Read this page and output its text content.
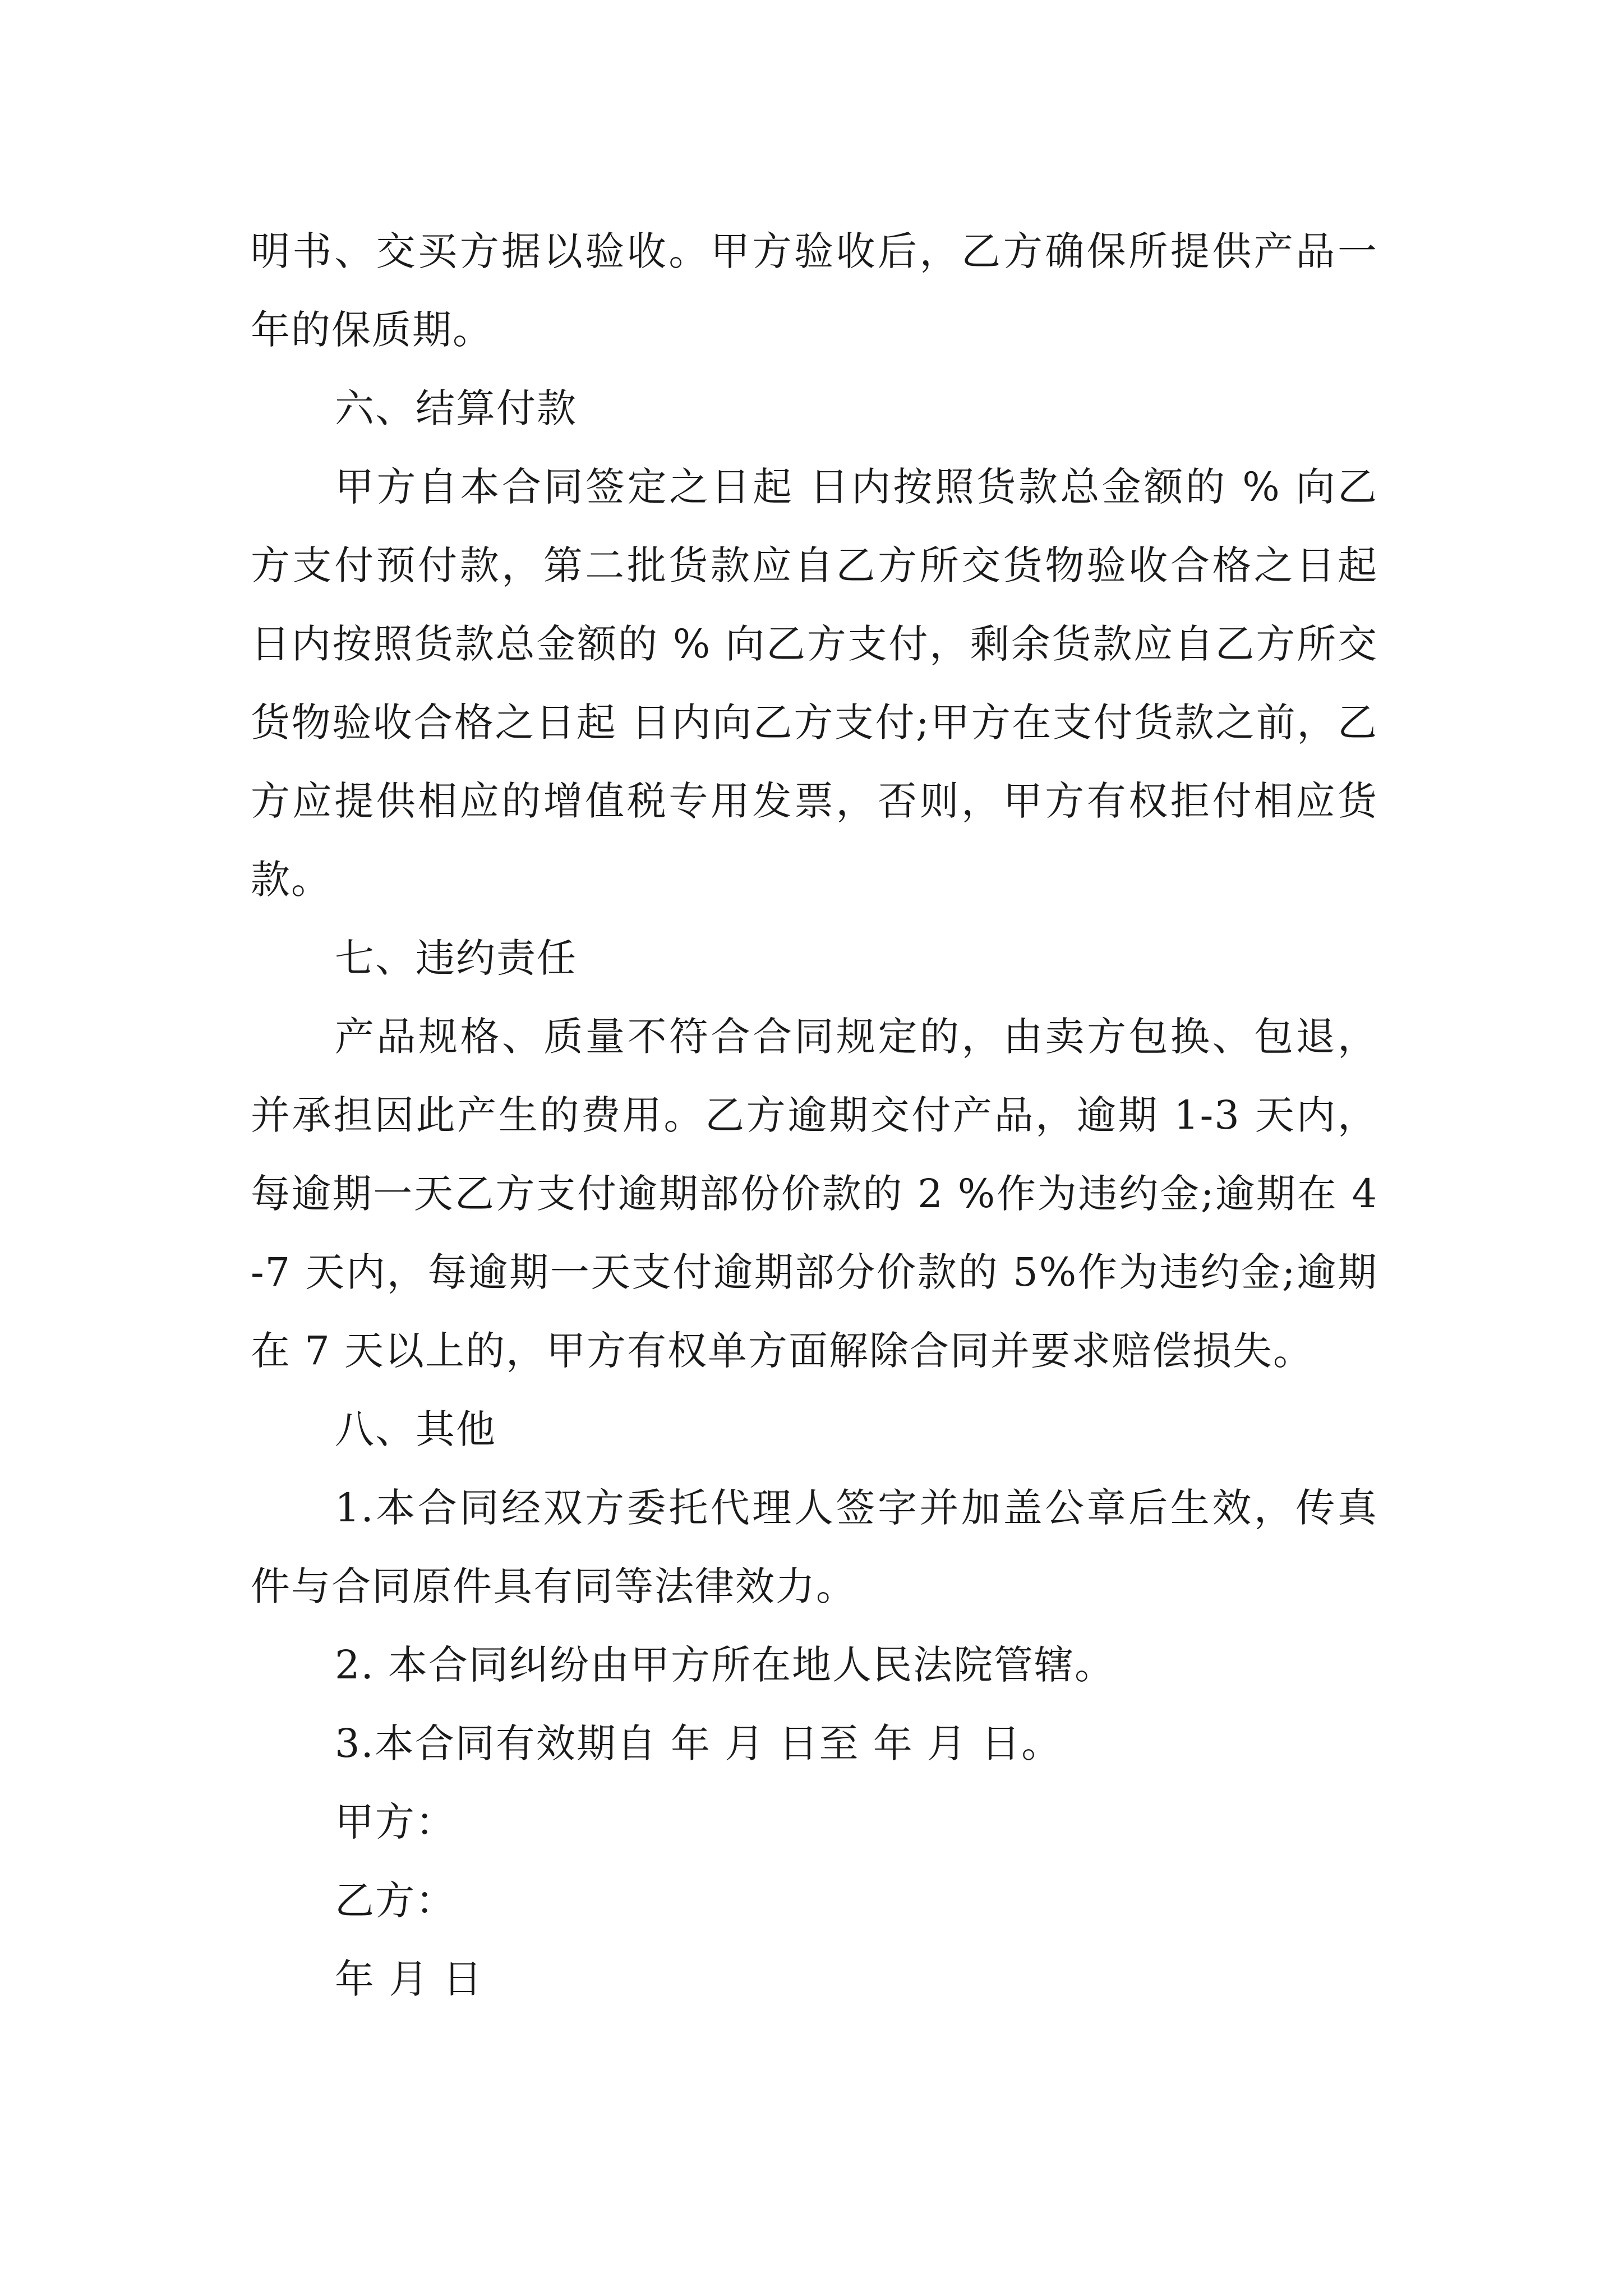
明书、交买方据以验收。甲方验收后，乙方确保所提供产品一年的保质期。

六、结算付款

甲方自本合同签定之日起 日内按照货款总金额的 % 向乙方支付预付款，第二批货款应自乙方所交货物验收合格之日起 日内按照货款总金额的 % 向乙方支付，剩余货款应自乙方所交货物验收合格之日起 日内向乙方支付;甲方在支付货款之前，乙方应提供相应的增值税专用发票，否则，甲方有权拒付相应货款。

七、违约责任

产品规格、质量不符合合同规定的，由卖方包换、包退，并承担因此产生的费用。乙方逾期交付产品，逾期 1-3 天内，每逾期一天乙方支付逾期部份价款的 2 %作为违约金;逾期在 4-7 天内，每逾期一天支付逾期部分价款的 5%作为违约金;逾期在 7 天以上的，甲方有权单方面解除合同并要求赔偿损失。

八、其他

1.本合同经双方委托代理人签字并加盖公章后生效，传真件与合同原件具有同等法律效力。

2. 本合同纠纷由甲方所在地人民法院管辖。

3.本合同有效期自 年 月 日至 年 月 日。

甲方：

乙方：

年 月 日
